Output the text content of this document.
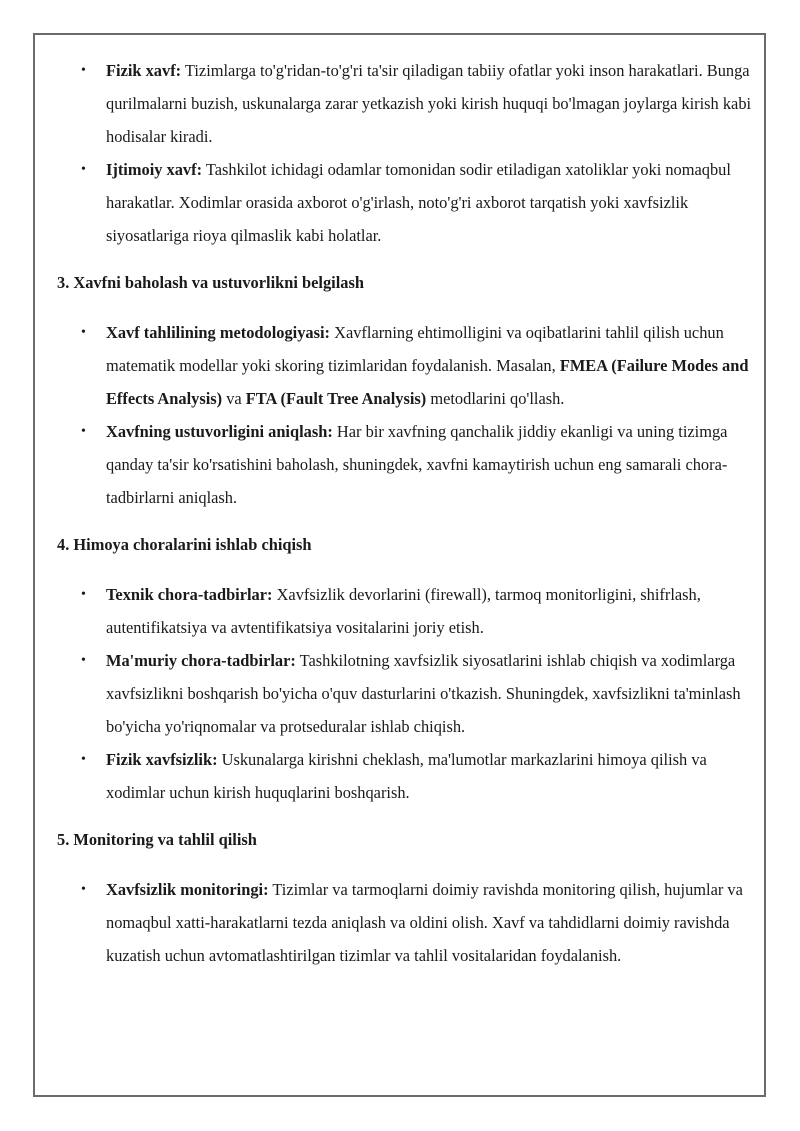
• Fizik xavf: Tizimlarga to'g'ridan-to'g'ri ta'sir qiladigan tabiiy ofatlar yoki inson harakatlari. Bunga qurilmalarni buzish, uskunalarga zarar yetkazish yoki kirish huquqi bo'lmagan joylarga kirish kabi hodisalar kiradi.
• Ijtimoiy xavf: Tashkilot ichidagi odamlar tomonidan sodir etiladigan xatoliklar yoki nomaqbul harakatlar. Xodimlar orasida axborot o'g'irlash, noto'g'ri axborot tarqatish yoki xavfsizlik siyosatlariga rioya qilmaslik kabi holatlar.
3. Xavfni baholash va ustuvorlikni belgilash
• Xavf tahlilining metodologiyasi: Xavflarning ehtimolligini va oqibatlarini tahlil qilish uchun matematik modellar yoki skoring tizimlaridan foydalanish. Masalan, FMEA (Failure Modes and Effects Analysis) va FTA (Fault Tree Analysis) metodlarini qo'llash.
• Xavfning ustuvorligini aniqlash: Har bir xavfning qanchalik jiddiy ekanligi va uning tizimga qanday ta'sir ko'rsatishini baholash, shuningdek, xavfni kamaytirish uchun eng samarali chora-tadbirlarni aniqlash.
4. Himoya choralarini ishlab chiqish
• Texnik chora-tadbirlar: Xavfsizlik devorlarini (firewall), tarmoq monitorligini, shifrlash, autentifikatsiya va avtentifikatsiya vositalarini joriy etish.
• Ma'muriy chora-tadbirlar: Tashkilotning xavfsizlik siyosatlarini ishlab chiqish va xodimlarga xavfsizlikni boshqarish bo'yicha o'quv dasturlarini o'tkazish. Shuningdek, xavfsizlikni ta'minlash bo'yicha yo'riqnomalar va protseduralar ishlab chiqish.
• Fizik xavfsizlik: Uskunalarga kirishni cheklash, ma'lumotlar markazlarini himoya qilish va xodimlar uchun kirish huquqlarini boshqarish.
5. Monitoring va tahlil qilish
• Xavfsizlik monitoringi: Tizimlar va tarmoqlarni doimiy ravishda monitoring qilish, hujumlar va nomaqbul xatti-harakatlarni tezda aniqlash va oldini olish. Xavf va tahdidlarni doimiy ravishda kuzatish uchun avtomatlashtirilgan tizimlar va tahlil vositalaridan foydalanish.
